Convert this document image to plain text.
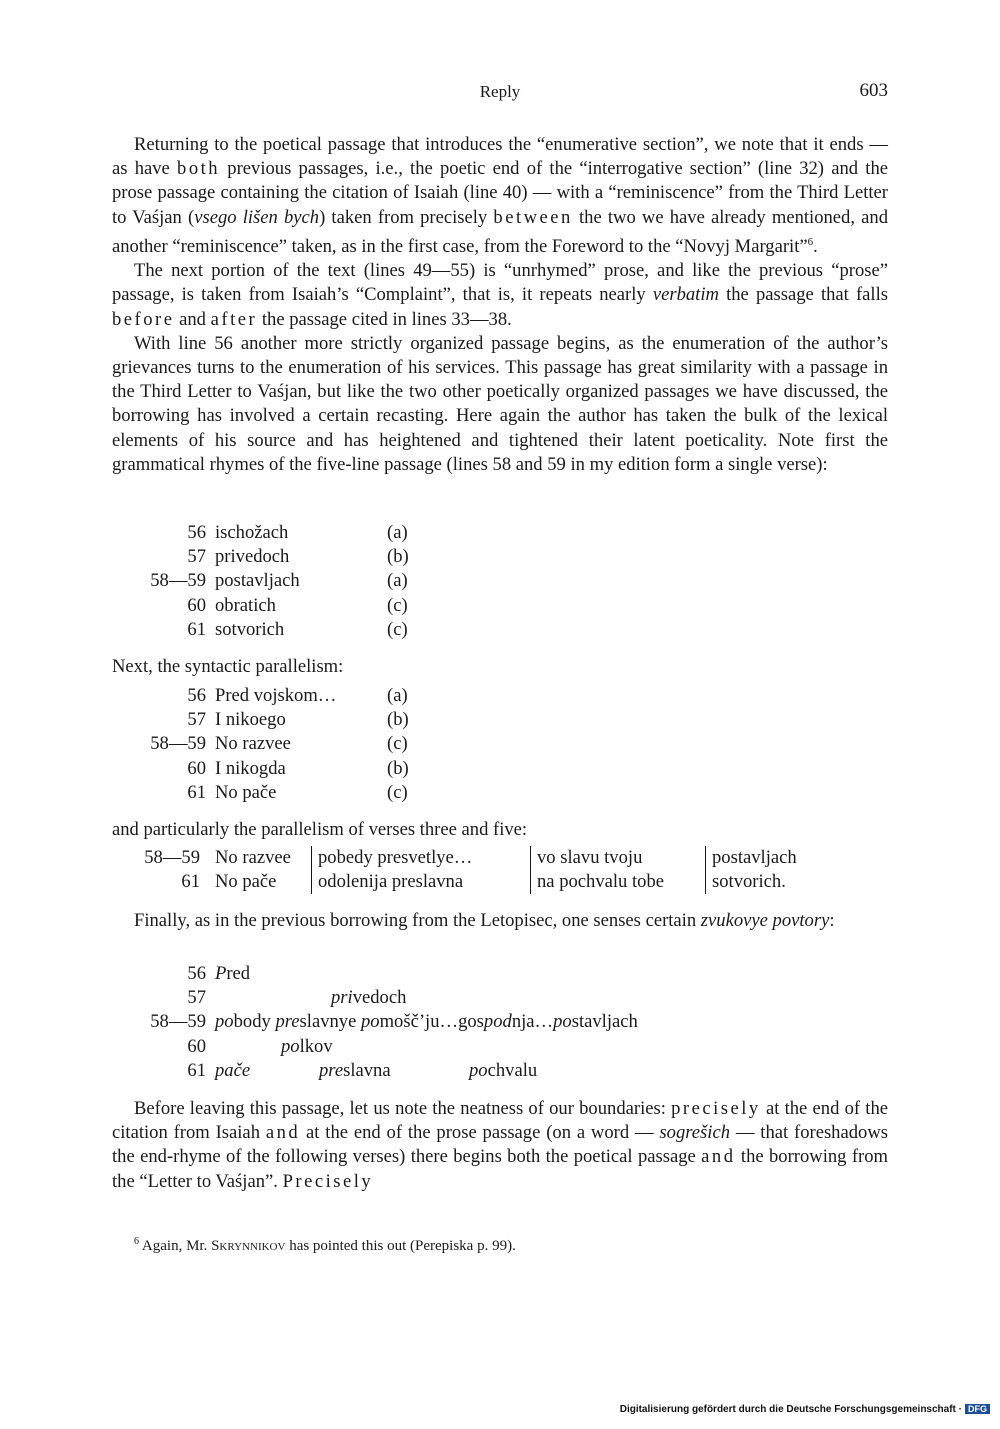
Reply	603

Returning to the poetical passage that introduces the “enumerative section”, we note that it ends — as have both previous passages, i.e., the poetic end of the “interrogative section” (line 32) and the prose passage containing the citation of Isaiah (line 40) — with a “reminiscence” from the Third Letter to Vaśjan (vsego lišen bych) taken from precisely between the two we have already mentioned, and another “reminiscence” taken, as in the first case, from the Foreword to the “Novyj Margarit”$^6$.

The next portion of the text (lines 49—55) is “unrhymed” prose, and like the previous “prose” passage, is taken from Isaiah’s “Complaint”, that is, it repeats nearly verbatim the passage that falls before and after the passage cited in lines 33—38.

With line 56 another more strictly organized passage begins, as the enumeration of the author’s grievances turns to the enumeration of his services. This passage has great similarity with a passage in the Third Letter to Vaśjan, but like the two other poetically organized passages we have discussed, the borrowing has involved a certain recasting. Here again the author has taken the bulk of the lexical elements of his source and has heightened and tightened their latent poeticality. Note first the grammatical rhymes of the five-line passage (lines 58 and 59 in my edition form a single verse):

56	ischožach	(a)
57	privedoch	(b)
58—59	postavljach	(a)
60	obratich	(c)
61	sotvorich	(c)

Next, the syntactic parallelism:

56	Pred vojskom…	(a)
57	I nikoego	(b)
58—59	No razvee	(c)
60	I nikogda	(b)
61	No pače	(c)

and particularly the parallelism of verses three and five:

58—59	No razvee	pobedy presvetlye…	vo slavu tvoju	postavljach
61	No pače	odolenija preslavna	na pochvalu tobe	sotvorich.

Finally, as in the previous borrowing from the Letopisec, one senses certain zvukovye povtory:

56	Pred
57	privedoch
58—59	pobody preslavnye pomošč’ju…gospodnja…postavljach
60	polkov
61	pače preslavna pochvalu

Before leaving this passage, let us note the neatness of our boundaries: precisely at the end of the citation from Isaiah and at the end of the prose passage (on a word — sogrešich — that foreshadows the end-rhyme of the following verses) there begins both the poetical passage and the borrowing from the “Letter to Vaśjan”. Precisely

$^6$ Again, Mr. Skrynnikov has pointed this out (Perepiska p. 99).
Digitalisierung gefördert durch die Deutsche Forschungsgemeinschaft · DFG
